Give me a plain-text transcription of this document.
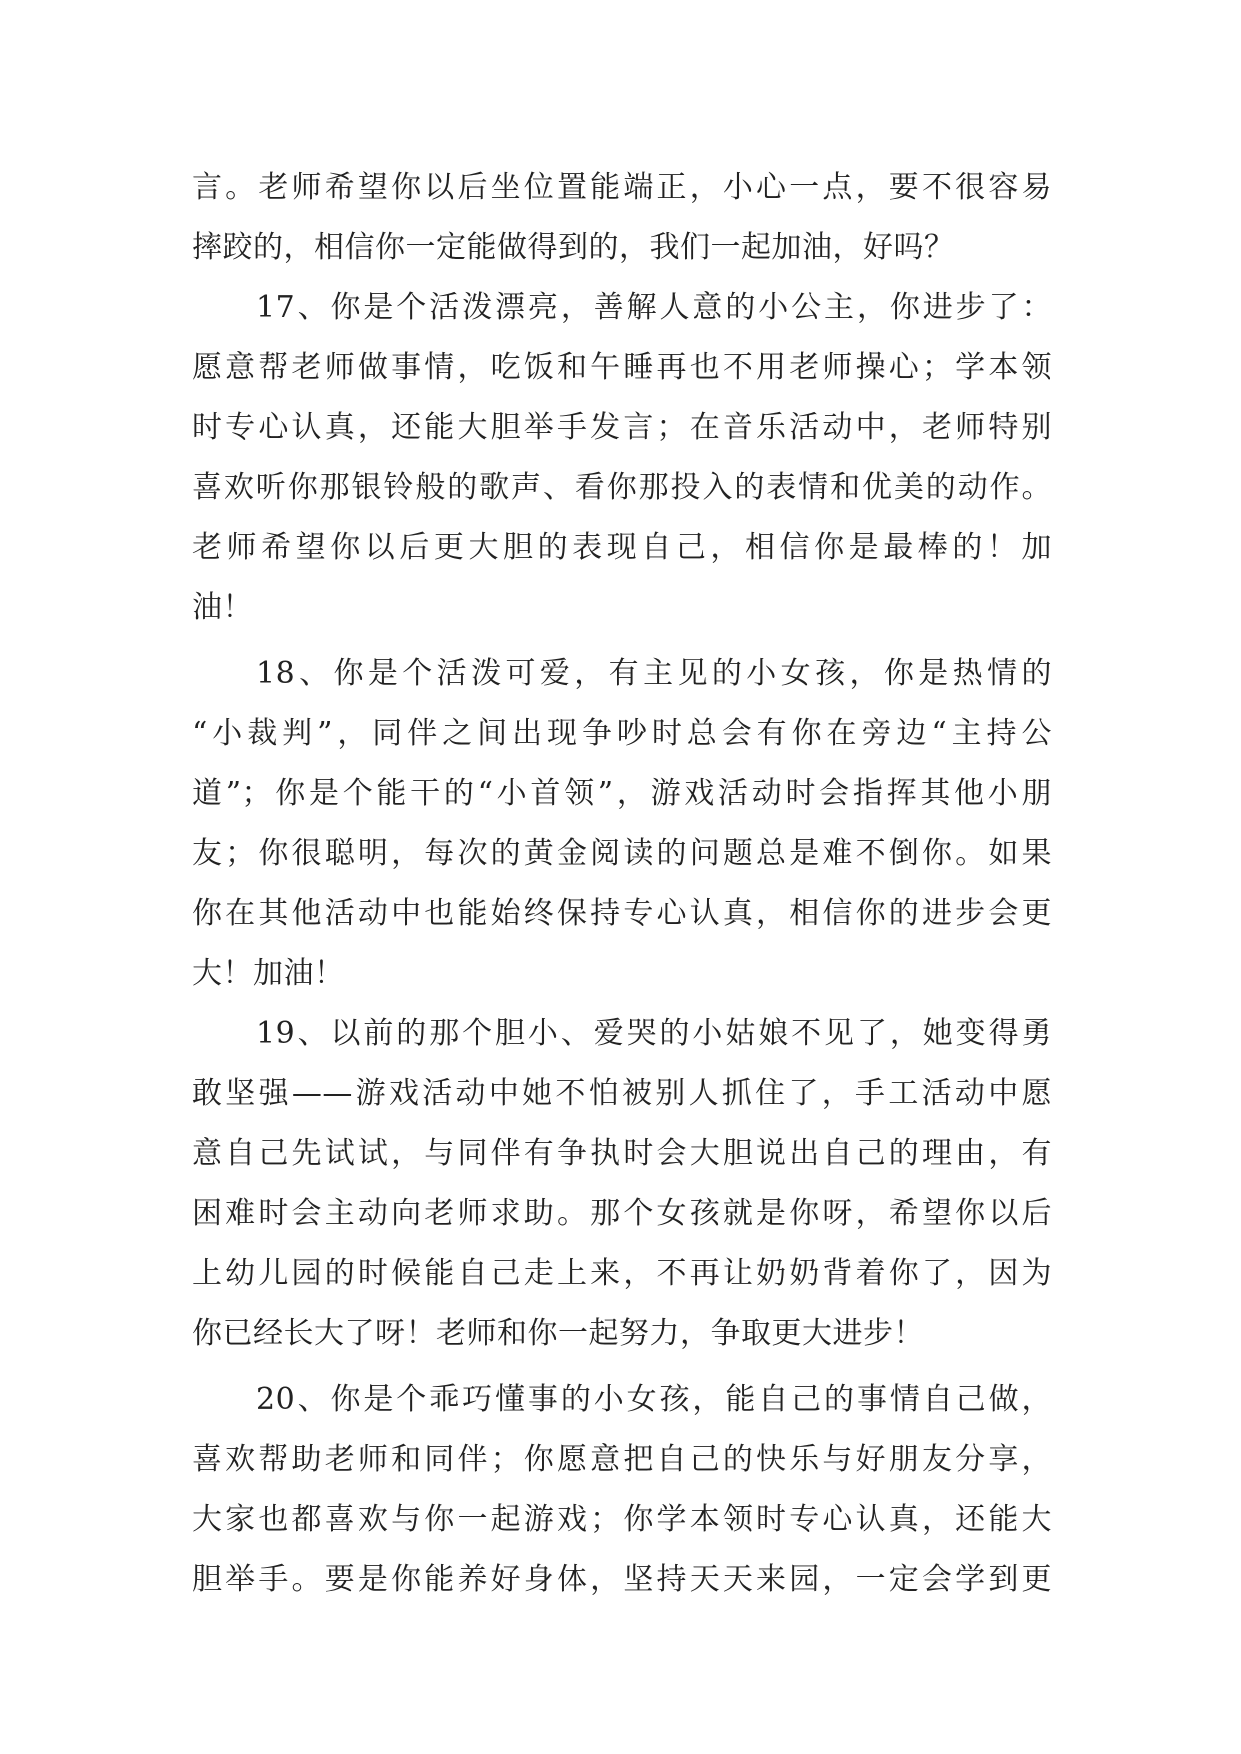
言。老师希望你以后坐位置能端正，小心一点，要不很容易
摔跤的，相信你一定能做得到的，我们一起加油，好吗？
17、你是个活泼漂亮，善解人意的小公主，你进步了：
愿意帮老师做事情，吃饭和午睡再也不用老师操心；学本领
时专心认真，还能大胆举手发言；在音乐活动中，老师特别
喜欢听你那银铃般的歌声、看你那投入的表情和优美的动作。
老师希望你以后更大胆的表现自己，相信你是最棒的！加
油！
18、你是个活泼可爱，有主见的小女孩，你是热情的
“小裁判”，同伴之间出现争吵时总会有你在旁边“主持公
道”；你是个能干的“小首领”，游戏活动时会指挥其他小朋
友；你很聪明，每次的黄金阅读的问题总是难不倒你。如果
你在其他活动中也能始终保持专心认真，相信你的进步会更
大！加油！
19、以前的那个胆小、爱哭的小姑娘不见了，她变得勇
敢坚强——游戏活动中她不怕被别人抓住了，手工活动中愿
意自己先试试，与同伴有争执时会大胆说出自己的理由，有
困难时会主动向老师求助。那个女孩就是你呀，希望你以后
上幼儿园的时候能自己走上来，不再让奶奶背着你了，因为
你已经长大了呀！老师和你一起努力，争取更大进步！
20、你是个乖巧懂事的小女孩，能自己的事情自己做，
喜欢帮助老师和同伴；你愿意把自己的快乐与好朋友分享，
大家也都喜欢与你一起游戏；你学本领时专心认真，还能大
胆举手。要是你能养好身体，坚持天天来园，一定会学到更
